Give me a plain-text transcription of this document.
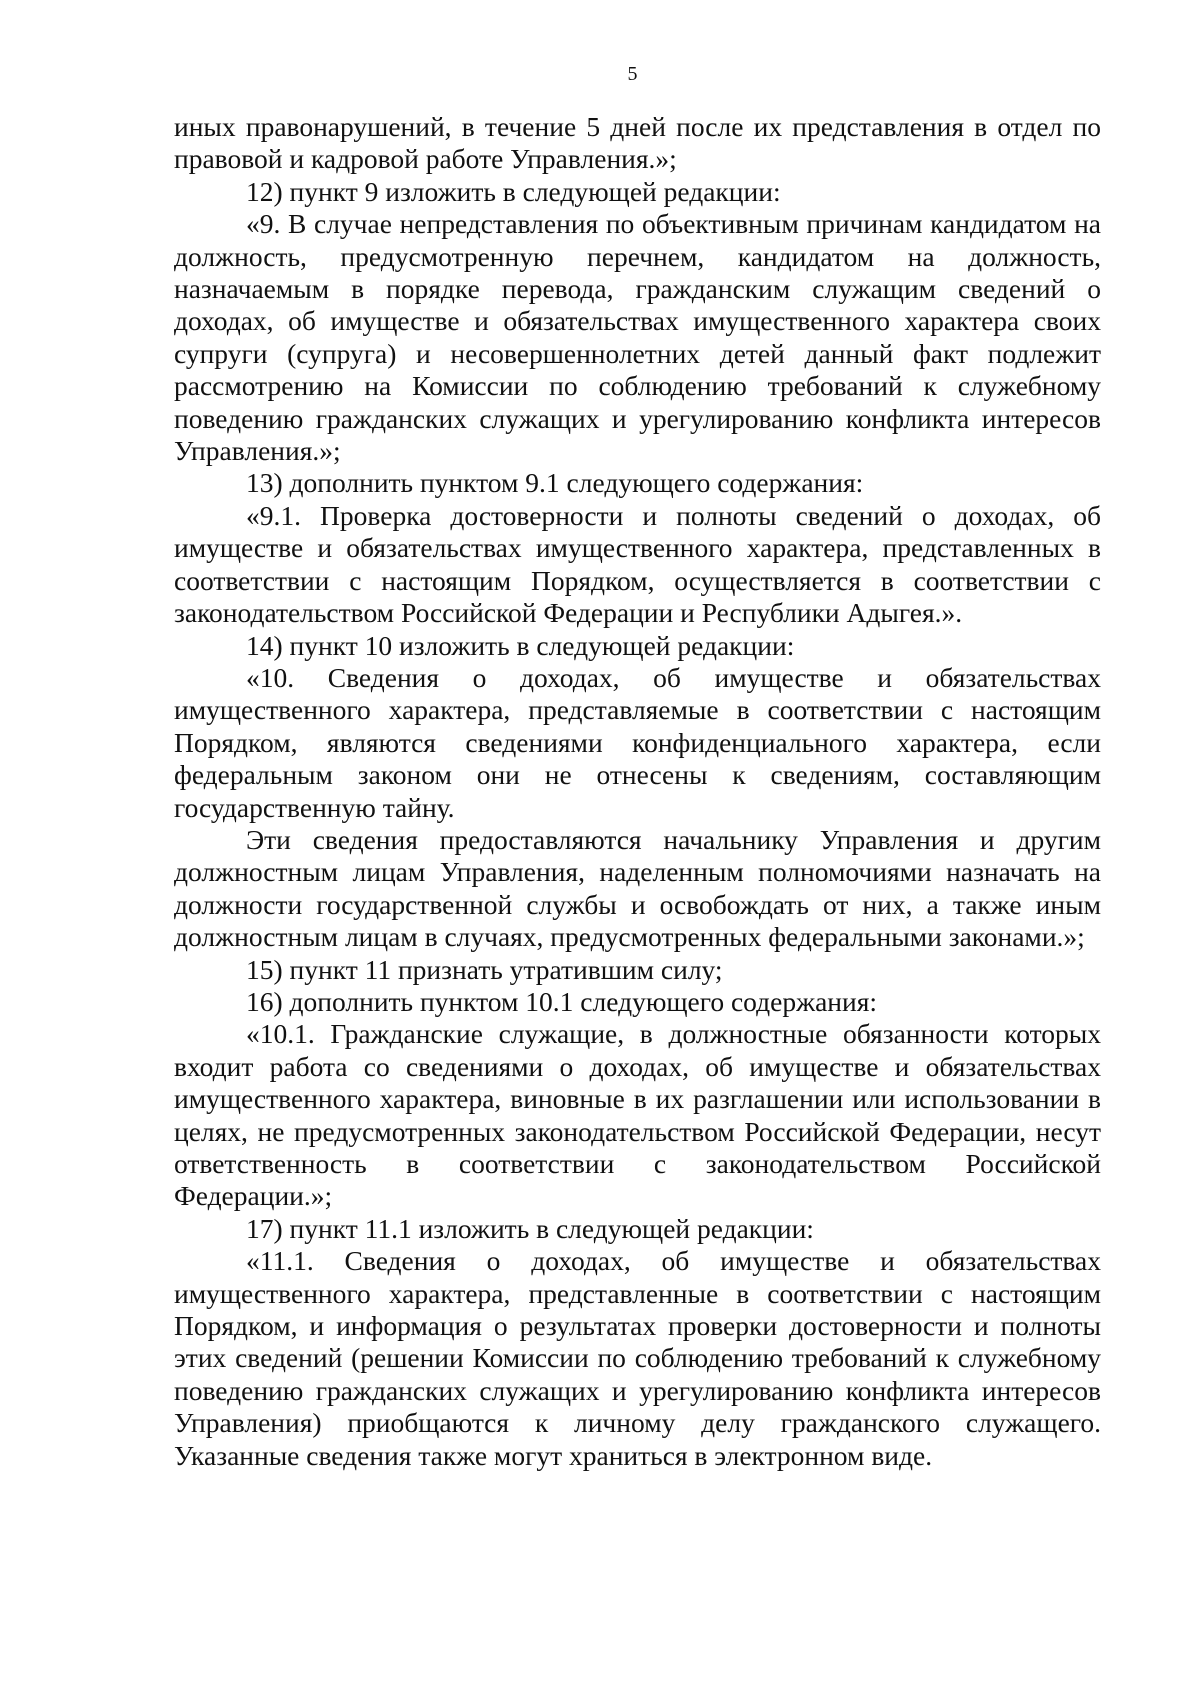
5

иных правонарушений, в течение 5 дней после их представления в отдел по правовой и кадровой работе Управления.»;

12) пункт 9 изложить в следующей редакции:

«9. В случае непредставления по объективным причинам кандидатом на должность, предусмотренную перечнем, кандидатом на должность, назначаемым в порядке перевода, гражданским служащим сведений о доходах, об имуществе и обязательствах имущественного характера своих супруги (супруга) и несовершеннолетних детей данный факт подлежит рассмотрению на Комиссии по соблюдению требований к служебному поведению гражданских служащих и урегулированию конфликта интересов Управления.»;

13) дополнить пунктом 9.1 следующего содержания:

«9.1. Проверка достоверности и полноты сведений о доходах, об имуществе и обязательствах имущественного характера, представленных в соответствии с настоящим Порядком, осуществляется в соответствии с законодательством Российской Федерации и Республики Адыгея.».

14) пункт 10 изложить в следующей редакции:

«10. Сведения о доходах, об имуществе и обязательствах имущественного характера, представляемые в соответствии с настоящим Порядком, являются сведениями конфиденциального характера, если федеральным законом они не отнесены к сведениям, составляющим государственную тайну.

Эти сведения предоставляются начальнику Управления и другим должностным лицам Управления, наделенным полномочиями назначать на должности государственной службы и освобождать от них, а также иным должностным лицам в случаях, предусмотренных федеральными законами.»;

15) пункт 11 признать утратившим силу;

16) дополнить пунктом 10.1 следующего содержания:

«10.1. Гражданские служащие, в должностные обязанности которых входит работа со сведениями о доходах, об имуществе и обязательствах имущественного характера, виновные в их разглашении или использовании в целях, не предусмотренных законодательством Российской Федерации, несут ответственность в соответствии с законодательством Российской Федерации.»;

17) пункт 11.1 изложить в следующей редакции:

«11.1. Сведения о доходах, об имуществе и обязательствах имущественного характера, представленные в соответствии с настоящим Порядком, и информация о результатах проверки достоверности и полноты этих сведений (решении Комиссии по соблюдению требований к служебному поведению гражданских служащих и урегулированию конфликта интересов Управления) приобщаются к личному делу гражданского служащего. Указанные сведения также могут храниться в электронном виде.
